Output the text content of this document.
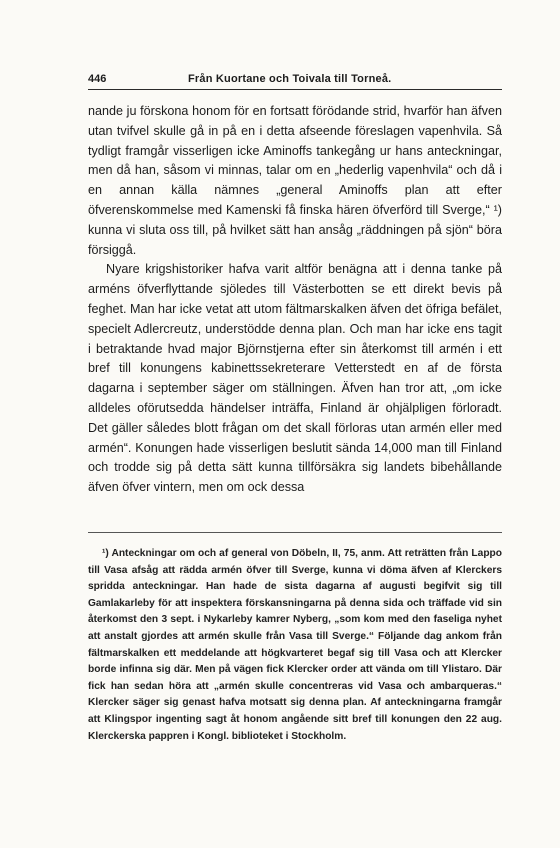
446	Från Kuortane och Toivala till Torneå.

nande ju förskona honom för en fortsatt förödande strid, hvarför han äfven utan tvifvel skulle gå in på en i detta afseende föreslagen vapenhvila. Så tydligt framgår visserligen icke Aminoffs tankegång ur hans anteckningar, men då han, såsom vi minnas, talar om en „hederlig vapenhvila“ och då i en annan källa nämnes „general Aminoffs plan att efter öfverenskommelse med Kamenski få finska hären öfverförd till Sverge,“ ¹) kunna vi sluta oss till, på hvilket sätt han ansåg „räddningen på sjön“ böra försiggå.

Nyare krigshistoriker hafva varit altför benägna att i denna tanke på arméns öfverflyttande sjöledes till Västerbotten se ett direkt bevis på feghet. Man har icke vetat att utom fältmarskalken äfven det öfriga befälet, specielt Adlercreutz, understödde denna plan. Och man har icke ens tagit i betraktande hvad major Björnstjerna efter sin återkomst till armén i ett bref till konungens kabinettssekreterare Vetterstedt en af de första dagarna i september säger om ställningen. Äfven han tror att, „om icke alldeles oförutsedda händelser inträffa, Finland är ohjälpligen förloradt. Det gäller således blott frågan om det skall förloras utan armén eller med armén“. Konungen hade visserligen beslutit sända 14,000 man till Finland och trodde sig på detta sätt kunna tillförsäkra sig landets bibehållande äfven öfver vintern, men om ock dessa

¹) Anteckningar om och af general von Döbeln, II, 75, anm. Att reträtten från Lappo till Vasa afsåg att rädda armén öfver till Sverge, kunna vi döma äfven af Klerckers spridda anteckningar. Han hade de sista dagarna af augusti begifvit sig till Gamlakarleby för att inspektera förskansningarna på denna sida och träffade vid sin återkomst den 3 sept. i Nykarleby kamrer Nyberg, „som kom med den faseliga nyhet att anstalt gjordes att armén skulle från Vasa till Sverge.“ Följande dag ankom från fältmarskalken ett meddelande att högkvarteret begaf sig till Vasa och att Klercker borde infinna sig där. Men på vägen fick Klercker order att vända om till Ylistaro. Där fick han sedan höra att „armén skulle concentreras vid Vasa och ambarqueras.“ Klercker säger sig genast hafva motsatt sig denna plan. Af anteckningarna framgår att Klingspor ingenting sagt åt honom angående sitt bref till konungen den 22 aug. Klerckerska pappren i Kongl. biblioteket i Stockholm.
